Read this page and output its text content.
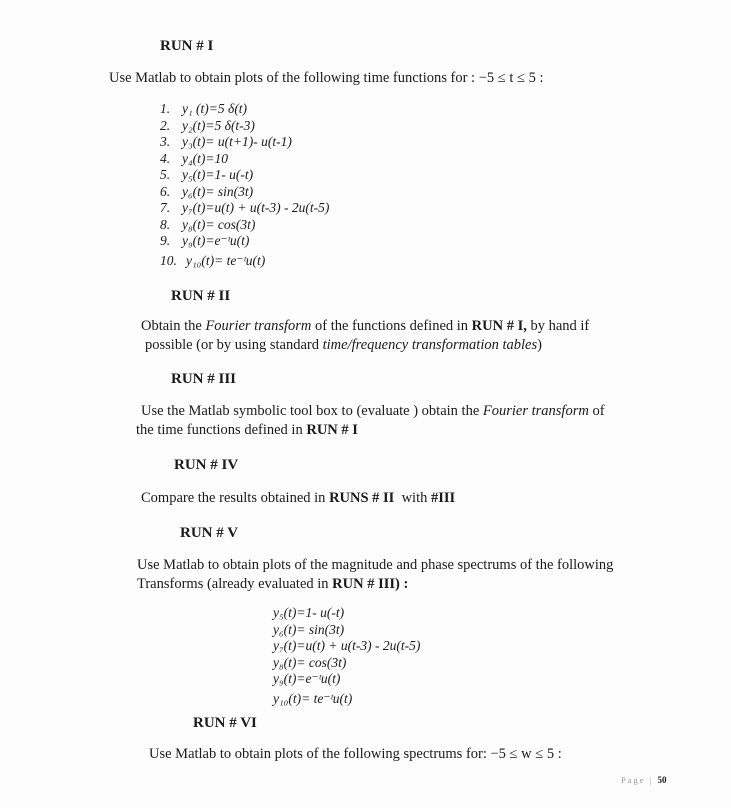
RUN # I
Use Matlab to obtain plots of the following time functions for : −5 ≤ t ≤ 5 :
1. y₁ (t)=5 δ(t)
2. y₂(t)=5 δ(t-3)
3. y₃(t)= u(t+1)- u(t-1)
4. y₄(t)=10
5. y₅(t)=1- u(-t)
6. y₆(t)= sin(3t)
7. y₇(t)=u(t) + u(t-3) - 2u(t-5)
8. y₈(t)= cos(3t)
9. y₉(t)=e⁻ᵗu(t)
10. y₁₀(t)= te⁻ᵗu(t)
RUN # II
Obtain the Fourier transform of the functions defined in RUN # I, by hand if
possible (or by using standard time/frequency transformation tables)
RUN # III
Use the Matlab symbolic tool box to (evaluate ) obtain the Fourier transform of
the time functions defined in RUN # I
RUN # IV
Compare the results obtained in RUNS # II  with #III
RUN # V
Use Matlab to obtain plots of the magnitude and phase spectrums of the following
Transforms (already evaluated in RUN # III) :
y₅(t)=1- u(-t)
y₆(t)= sin(3t)
y₇(t)=u(t) + u(t-3) - 2u(t-5)
y₈(t)= cos(3t)
y₉(t)=e⁻ᵗu(t)
y₁₀(t)= te⁻ᵗu(t)
RUN # VI
Use Matlab to obtain plots of the following spectrums for: −5 ≤ w ≤ 5 :
Page | 50
